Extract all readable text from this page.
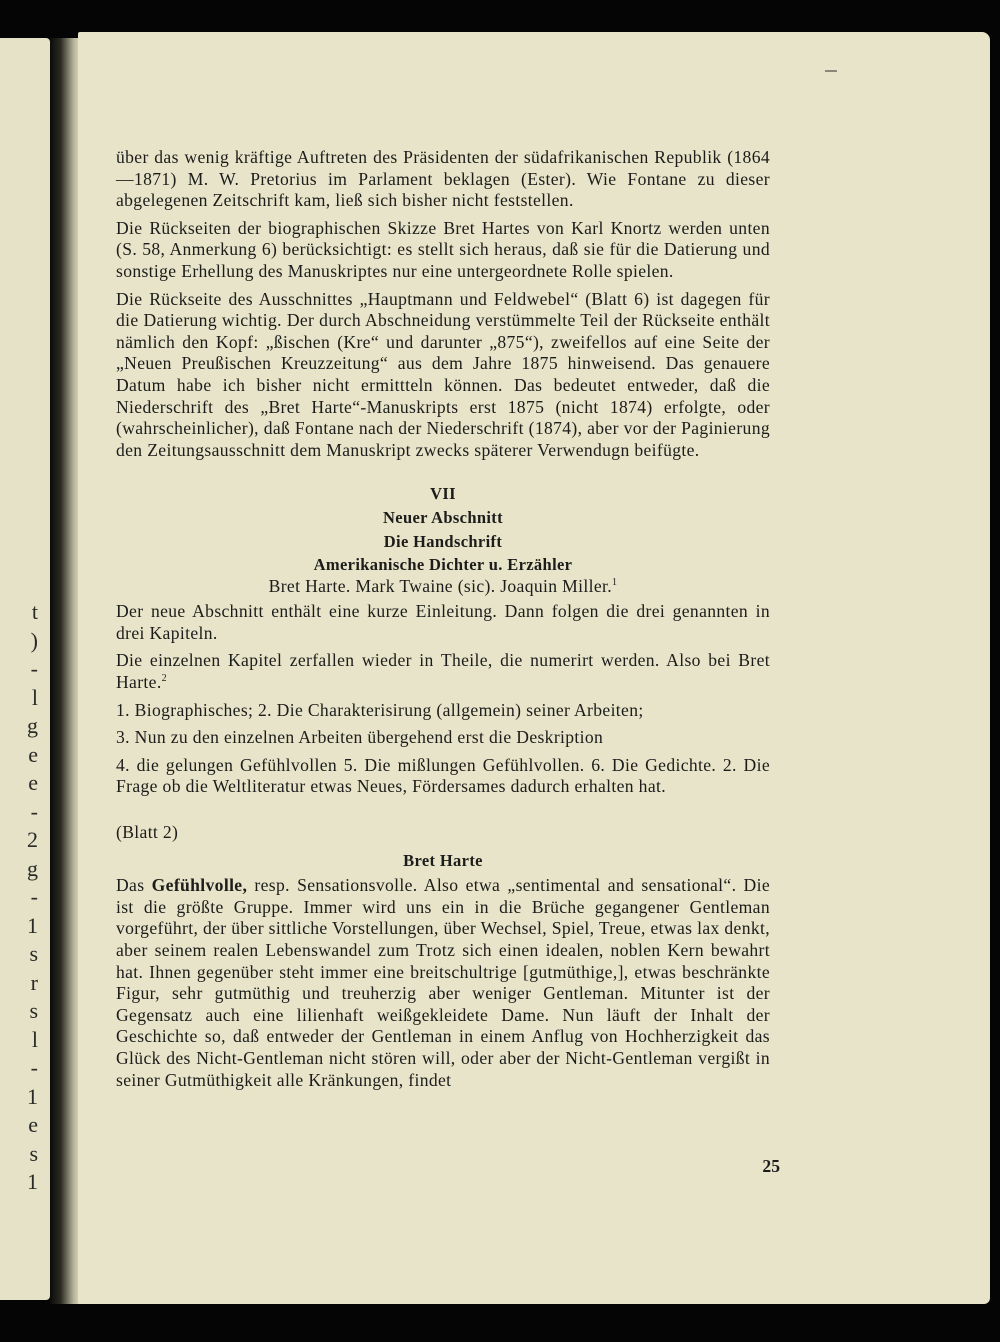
t
)
-
l
g
e
e
-
2
g
-
1
s
r
s
l
-
1
e
s
1

über das wenig kräftige Auftreten des Präsidenten der südafrikanischen Republik (1864—1871) M. W. Pretorius im Parlament beklagen (Ester). Wie Fontane zu dieser abgelegenen Zeitschrift kam, ließ sich bisher nicht feststellen.

Die Rückseiten der biographischen Skizze Bret Hartes von Karl Knortz werden unten (S. 58, Anmerkung 6) berücksichtigt: es stellt sich heraus, daß sie für die Datierung und sonstige Erhellung des Manuskriptes nur eine untergeordnete Rolle spielen.

Die Rückseite des Ausschnittes „Hauptmann und Feldwebel“ (Blatt 6) ist dagegen für die Datierung wichtig. Der durch Abschneidung verstümmelte Teil der Rückseite enthält nämlich den Kopf: „ßischen (Kre“ und darunter „875“), zweifellos auf eine Seite der „Neuen Preußischen Kreuzzeitung“ aus dem Jahre 1875 hinweisend. Das genauere Datum habe ich bisher nicht ermittteln können. Das bedeutet entweder, daß die Niederschrift des „Bret Harte“-Manuskripts erst 1875 (nicht 1874) erfolgte, oder (wahrscheinlicher), daß Fontane nach der Niederschrift (1874), aber vor der Paginierung den Zeitungsausschnitt dem Manuskript zwecks späterer Verwendugn beifügte.

VII
Neuer Abschnitt
Die Handschrift
Amerikanische Dichter u. Erzähler
Bret Harte. Mark Twaine (sic). Joaquin Miller.$^1$

Der neue Abschnitt enthält eine kurze Einleitung. Dann folgen die drei genannten in drei Kapiteln.

Die einzelnen Kapitel zerfallen wieder in Theile, die numerirt werden. Also bei Bret Harte.$^2$

1. Biographisches; 2. Die Charakterisirung (allgemein) seiner Arbeiten;

3. Nun zu den einzelnen Arbeiten übergehend erst die Deskription

4. die gelungen Gefühlvollen 5. Die mißlungen Gefühlvollen. 6. Die Gedichte. 2. Die Frage ob die Weltliteratur etwas Neues, Fördersames dadurch erhalten hat.

(Blatt 2)

Bret Harte

Das Gefühlvolle, resp. Sensationsvolle. Also etwa „sentimental and sensational“. Die ist die größte Gruppe. Immer wird uns ein in die Brüche gegangener Gentleman vorgeführt, der über sittliche Vorstellungen, über Wechsel, Spiel, Treue, etwas lax denkt, aber seinem realen Lebenswandel zum Trotz sich einen idealen, noblen Kern bewahrt hat. Ihnen gegenüber steht immer eine breitschultrige [gutmüthige,], etwas beschränkte Figur, sehr gutmüthig und treuherzig aber weniger Gentleman. Mitunter ist der Gegensatz auch eine lilienhaft weißgekleidete Dame. Nun läuft der Inhalt der Geschichte so, daß entweder der Gentleman in einem Anflug von Hochherzigkeit das Glück des Nicht-Gentleman nicht stören will, oder aber der Nicht-Gentleman vergißt in seiner Gutmüthigkeit alle Kränkungen, findet

25
